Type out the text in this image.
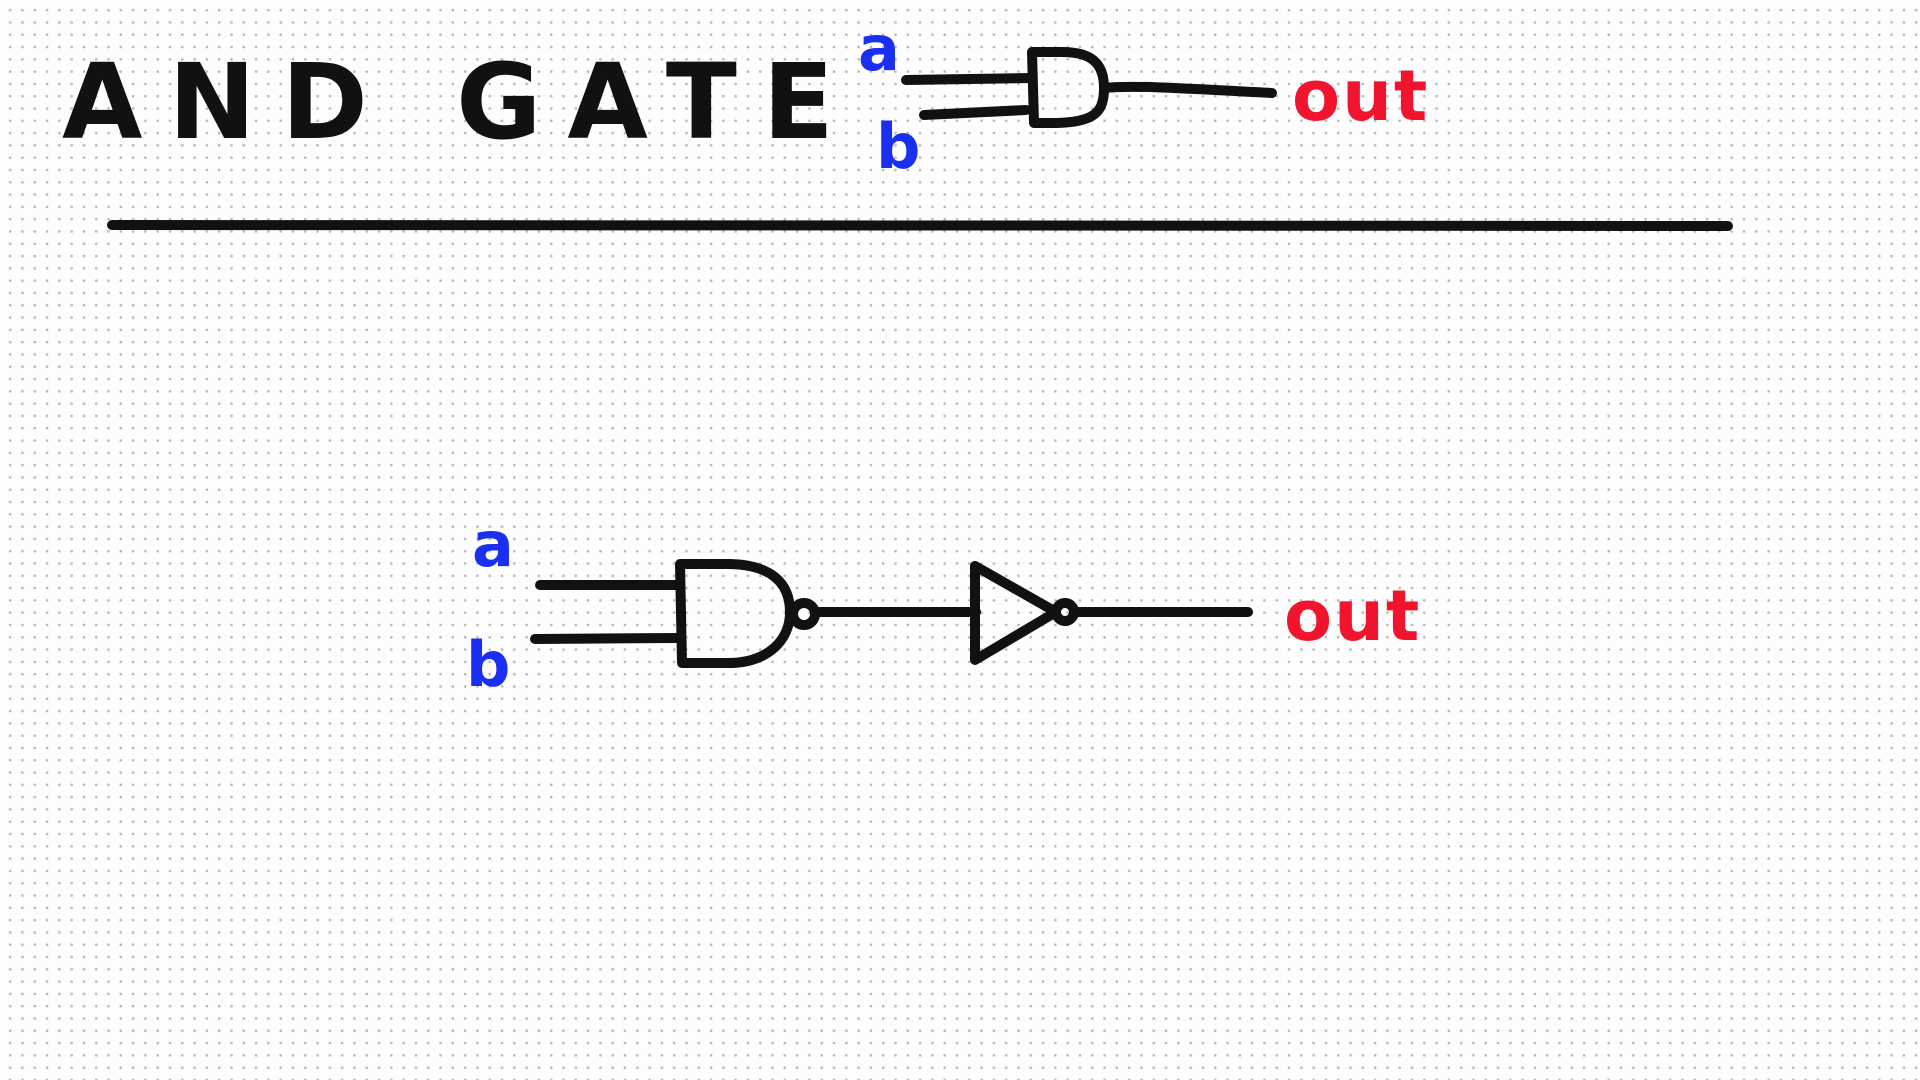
AND GATE
a
b
out
a
b
out
